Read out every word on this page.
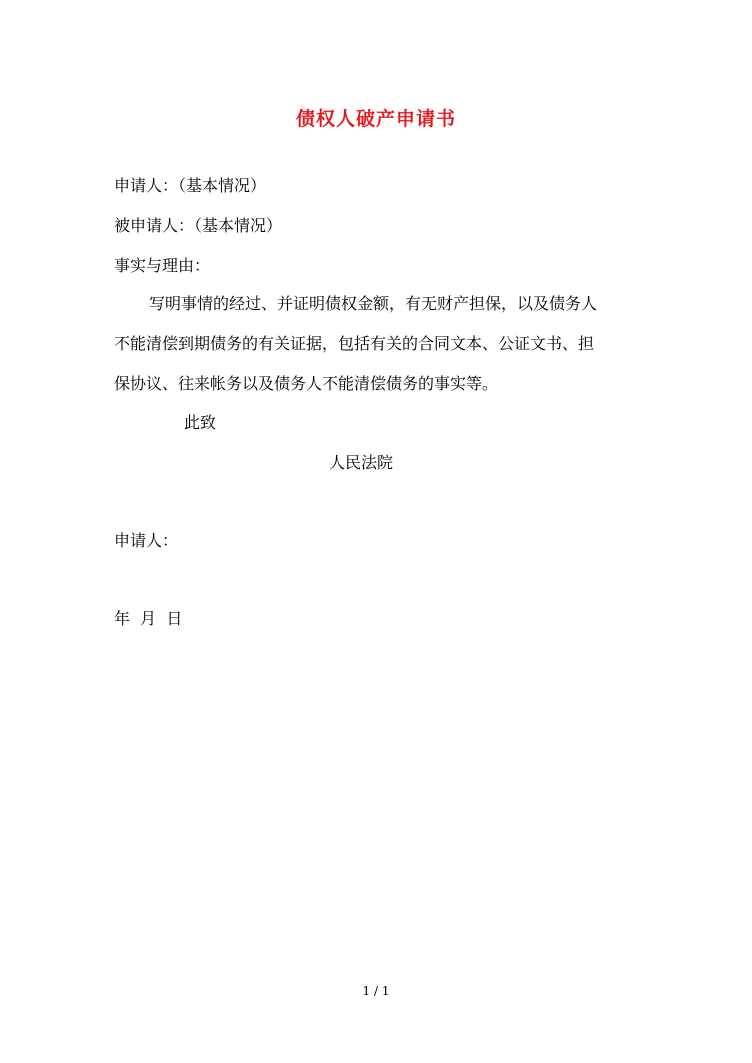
债权人破产申请书
申请人：（基本情况）
被申请人：（基本情况）
事实与理由：
写明事情的经过、并证明债权金额，有无财产担保，以及债务人
不能清偿到期债务的有关证据，包括有关的合同文本、公证文书、担
保协议、往来帐务以及债务人不能清偿债务的事实等。
此致
人民法院
申请人：
年  月  日
1 / 1
